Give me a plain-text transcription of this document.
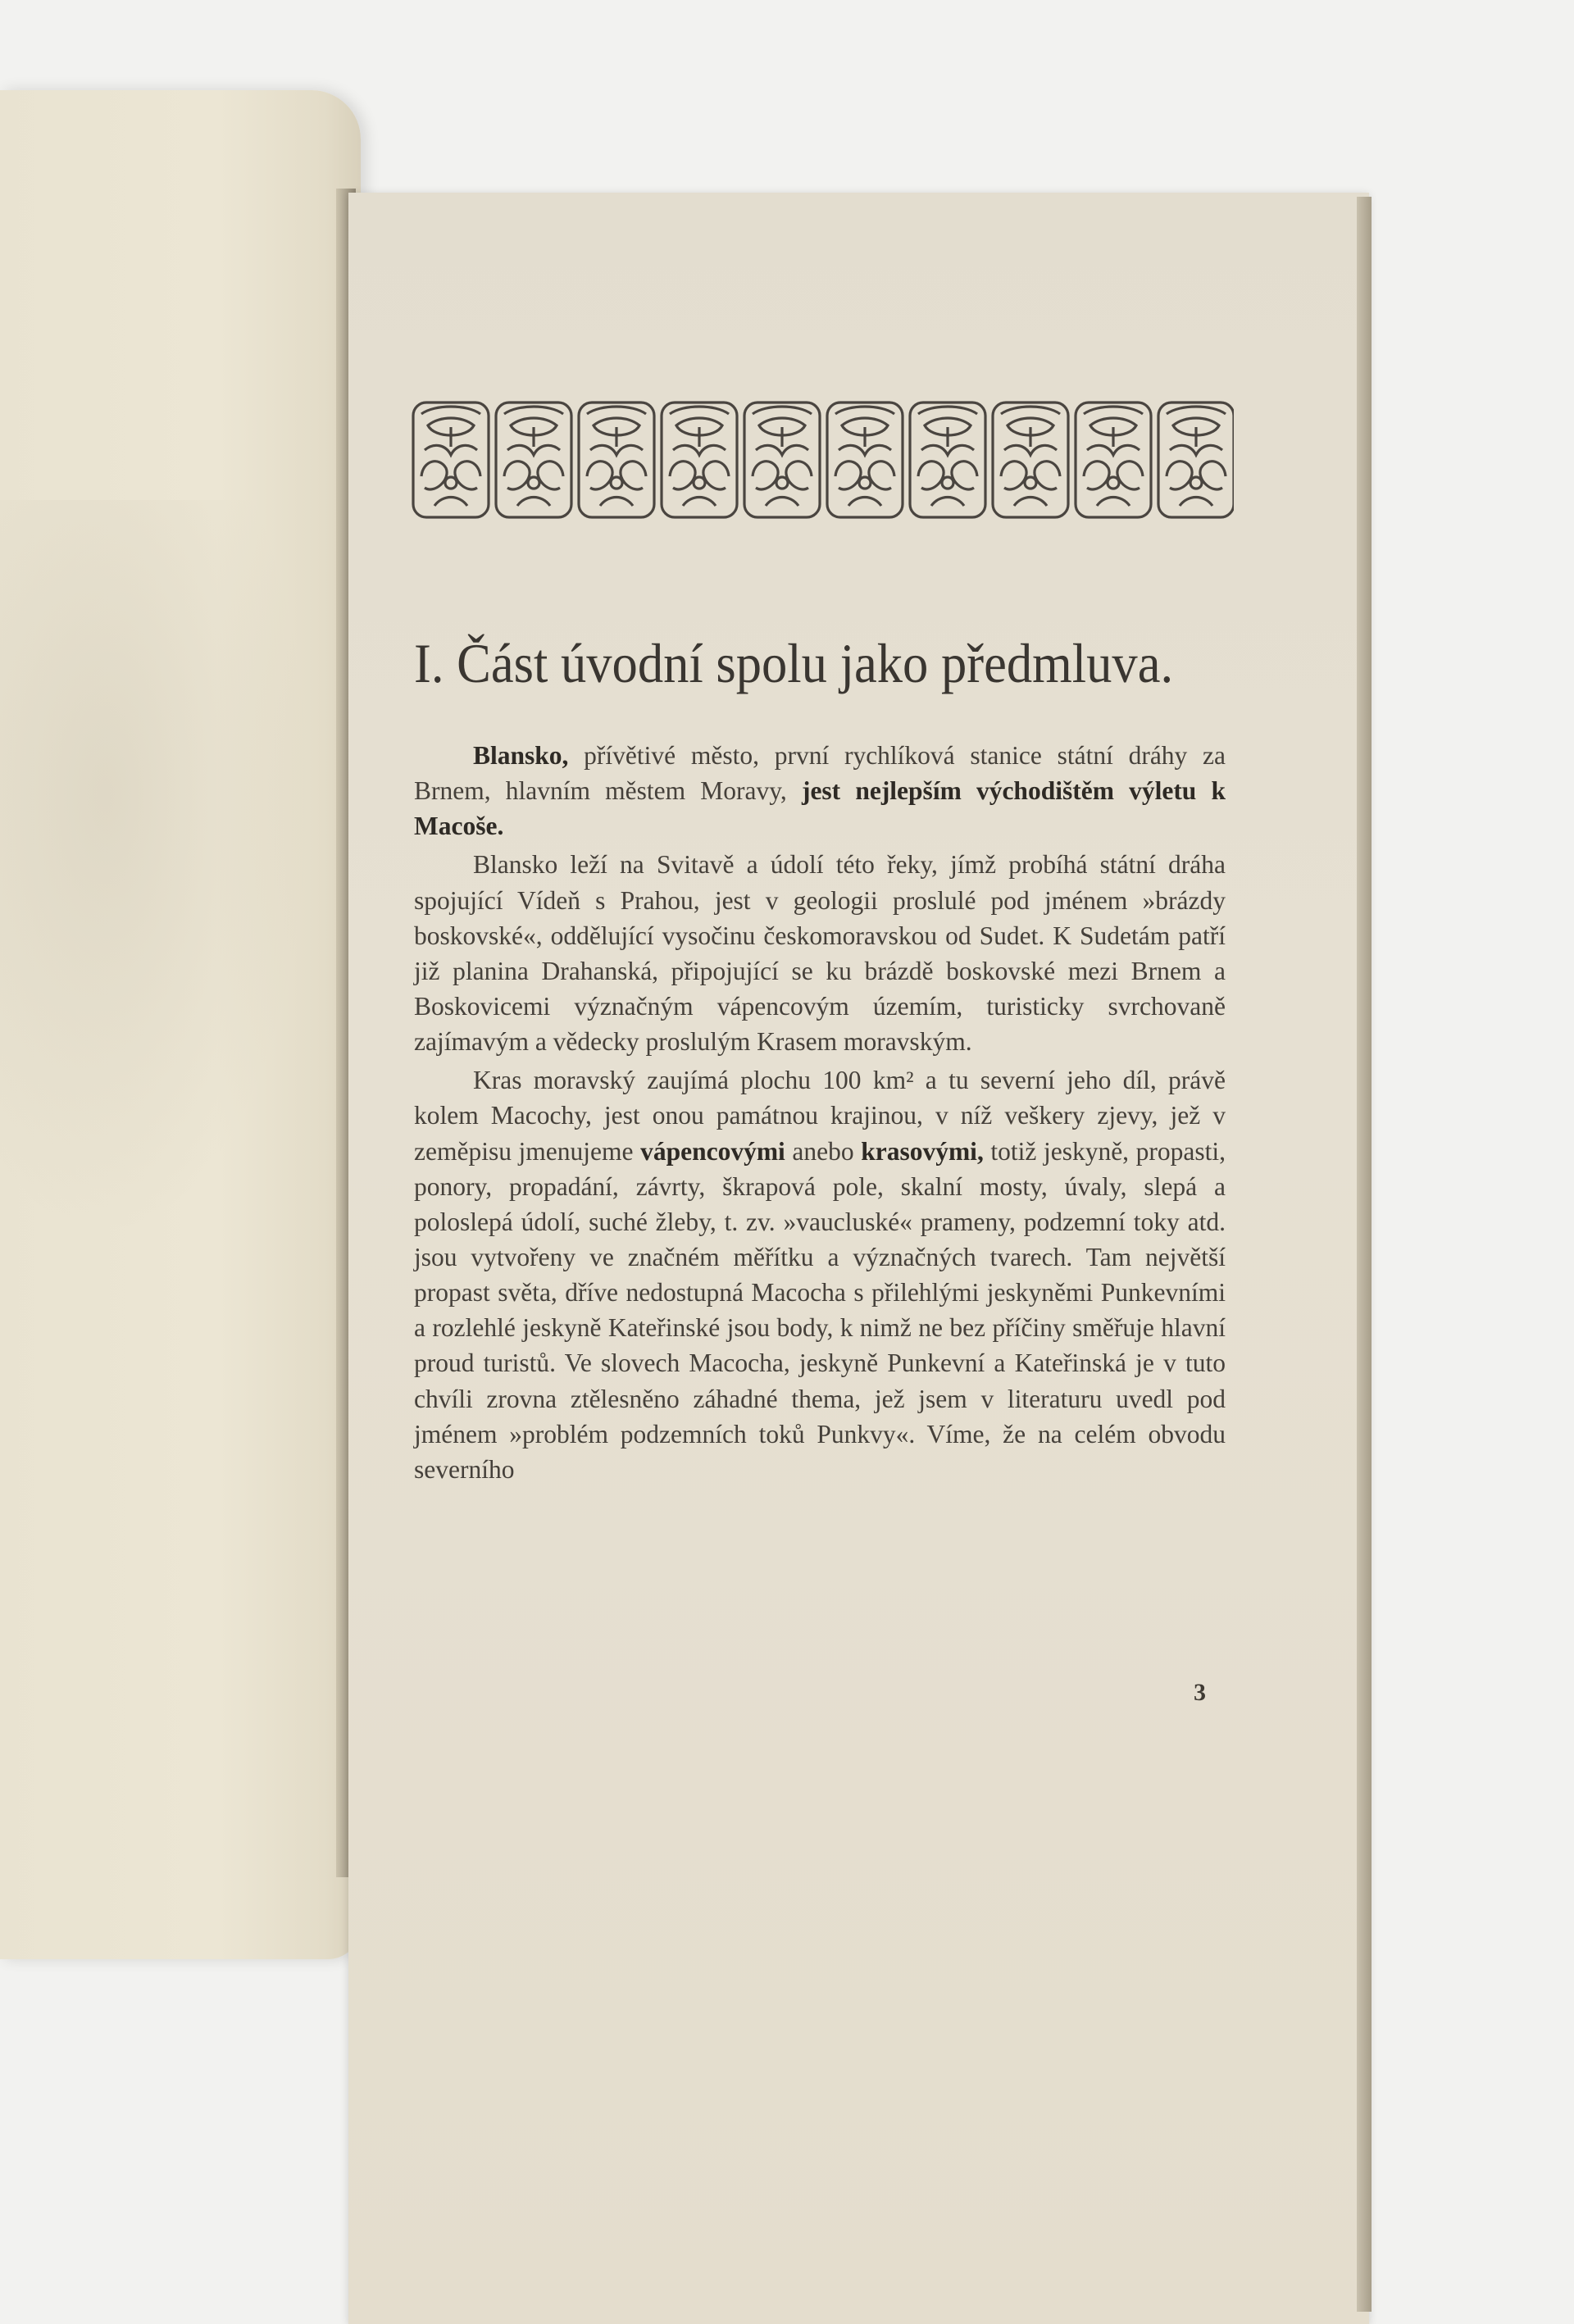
I. Část úvodní spolu jako předmluva.

Blansko, přívětivé město, první rychlíková stanice státní dráhy za Brnem, hlavním městem Moravy, jest nejlepším východištěm výletu k Macoše.

Blansko leží na Svitavě a údolí této řeky, jímž probíhá státní dráha spojující Vídeň s Prahou, jest v geologii proslulé pod jménem »brázdy boskovské«, oddělující vysočinu českomoravskou od Sudet. K Sudetám patří již planina Drahanská, připojující se ku brázdě boskovské mezi Brnem a Boskovicemi význačným vápencovým územím, turisticky svrchovaně zajímavým a vědecky proslulým Krasem moravským.

Kras moravský zaujímá plochu 100 km² a tu severní jeho díl, právě kolem Macochy, jest onou památnou krajinou, v níž veškery zjevy, jež v zeměpisu jmenujeme vápencovými anebo krasovými, totiž jeskyně, propasti, ponory, propadání, závrty, škrapová pole, skalní mosty, úvaly, slepá a poloslepá údolí, suché žleby, t. zv. »vaucluské« prameny, podzemní toky atd. jsou vytvořeny ve značném měřítku a význačných tvarech. Tam největší propast světa, dříve nedostupná Macocha s přilehlými jeskyněmi Punkevními a rozlehlé jeskyně Kateřinské jsou body, k nimž ne bez příčiny směřuje hlavní proud turistů. Ve slovech Macocha, jeskyně Punkevní a Kateřinská je v tuto chvíli zrovna ztělesněno záhadné thema, jež jsem v literaturu uvedl pod jménem »problém podzemních toků Punkvy«. Víme, že na celém obvodu severního

3
